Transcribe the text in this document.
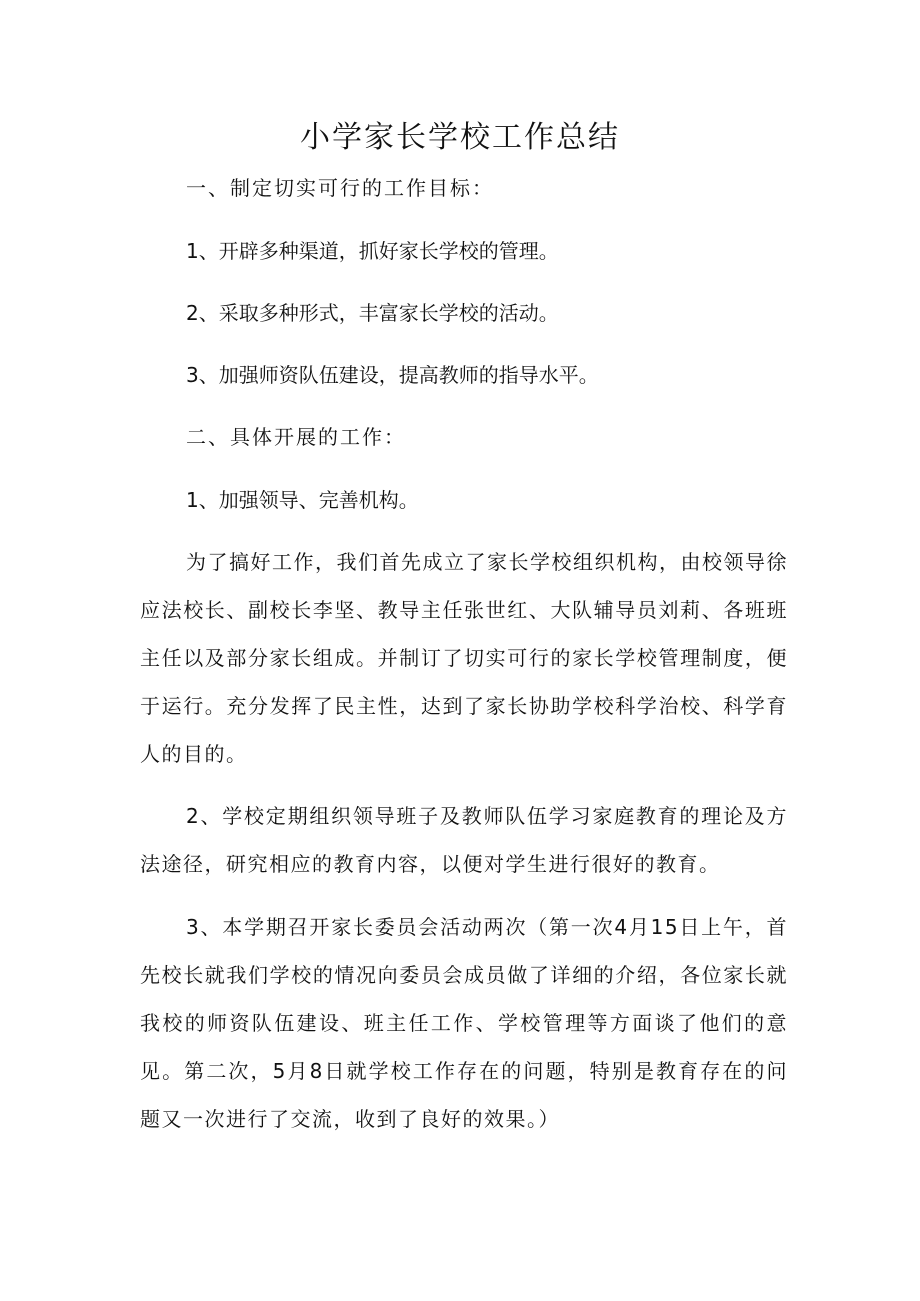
小学家长学校工作总结

一、制定切实可行的工作目标：

1、开辟多种渠道，抓好家长学校的管理。

2、采取多种形式，丰富家长学校的活动。

3、加强师资队伍建设，提高教师的指导水平。

二、具体开展的工作：

1、加强领导、完善机构。

为了搞好工作，我们首先成立了家长学校组织机构，由校领导徐应法校长、副校长李坚、教导主任张世红、大队辅导员刘莉、各班班主任以及部分家长组成。并制订了切实可行的家长学校管理制度，便于运行。充分发挥了民主性，达到了家长协助学校科学治校、科学育人的目的。

2、学校定期组织领导班子及教师队伍学习家庭教育的理论及方法途径，研究相应的教育内容，以便对学生进行很好的教育。

3、本学期召开家长委员会活动两次（第一次4月15日上午，首先校长就我们学校的情况向委员会成员做了详细的介绍，各位家长就我校的师资队伍建设、班主任工作、学校管理等方面谈了他们的意见。第二次，5月8日就学校工作存在的问题，特别是教育存在的问题又一次进行了交流，收到了良好的效果。）
